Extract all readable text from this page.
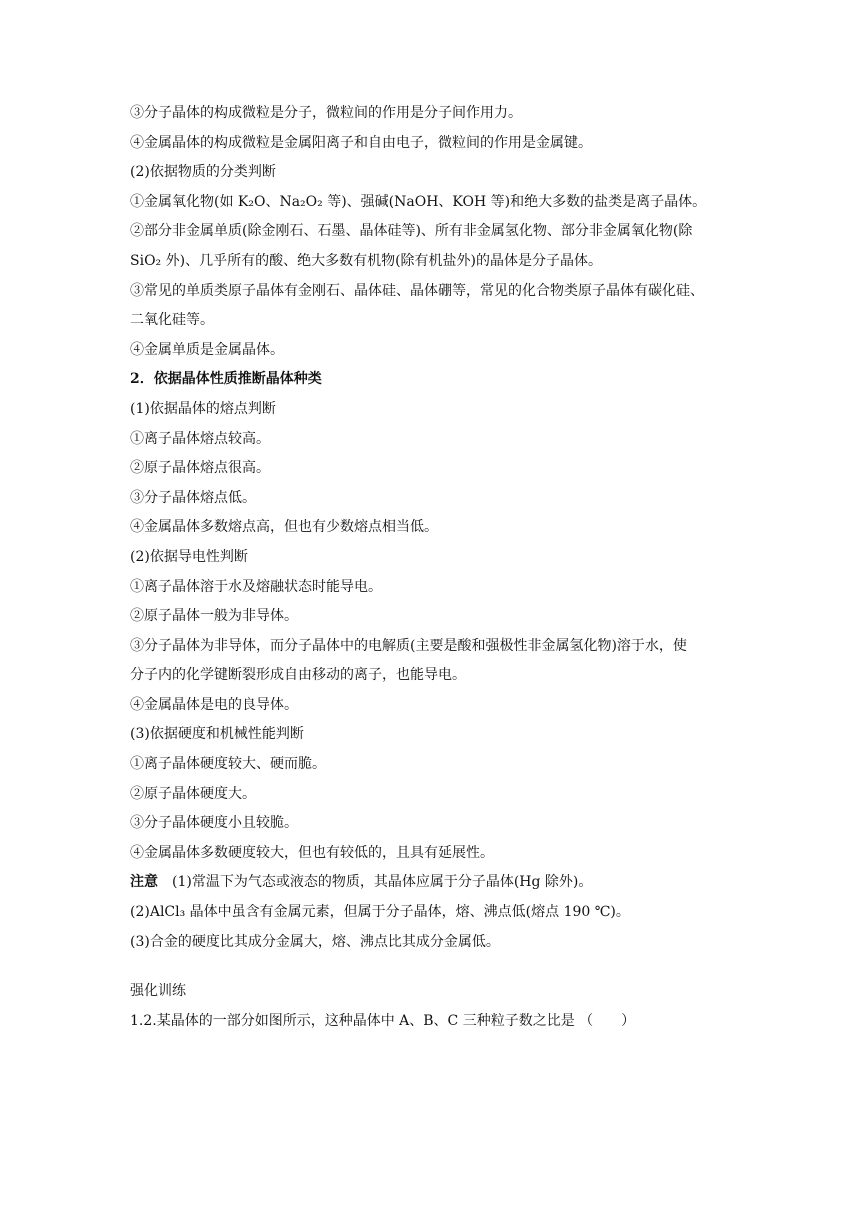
③分子晶体的构成微粒是分子，微粒间的作用是分子间作用力。
④金属晶体的构成微粒是金属阳离子和自由电子，微粒间的作用是金属键。
(2)依据物质的分类判断
①金属氧化物(如 K₂O、Na₂O₂ 等)、强碱(NaOH、KOH 等)和绝大多数的盐类是离子晶体。
②部分非金属单质(除金刚石、石墨、晶体硅等)、所有非金属氢化物、部分非金属氧化物(除
SiO₂ 外)、几乎所有的酸、绝大多数有机物(除有机盐外)的晶体是分子晶体。
③常见的单质类原子晶体有金刚石、晶体硅、晶体硼等，常见的化合物类原子晶体有碳化硅、
二氧化硅等。
④金属单质是金属晶体。
2．依据晶体性质推断晶体种类
(1)依据晶体的熔点判断
①离子晶体熔点较高。
②原子晶体熔点很高。
③分子晶体熔点低。
④金属晶体多数熔点高，但也有少数熔点相当低。
(2)依据导电性判断
①离子晶体溶于水及熔融状态时能导电。
②原子晶体一般为非导体。
③分子晶体为非导体，而分子晶体中的电解质(主要是酸和强极性非金属氢化物)溶于水，使
分子内的化学键断裂形成自由移动的离子，也能导电。
④金属晶体是电的良导体。
(3)依据硬度和机械性能判断
①离子晶体硬度较大、硬而脆。
②原子晶体硬度大。
③分子晶体硬度小且较脆。
④金属晶体多数硬度较大，但也有较低的，且具有延展性。
注意 (1)常温下为气态或液态的物质，其晶体应属于分子晶体(Hg 除外)。
(2)AlCl₃ 晶体中虽含有金属元素，但属于分子晶体，熔、沸点低(熔点 190 ℃)。
(3)合金的硬度比其成分金属大，熔、沸点比其成分金属低。
强化训练
1.2.某晶体的一部分如图所示，这种晶体中 A、B、C 三种粒子数之比是 （　　）
